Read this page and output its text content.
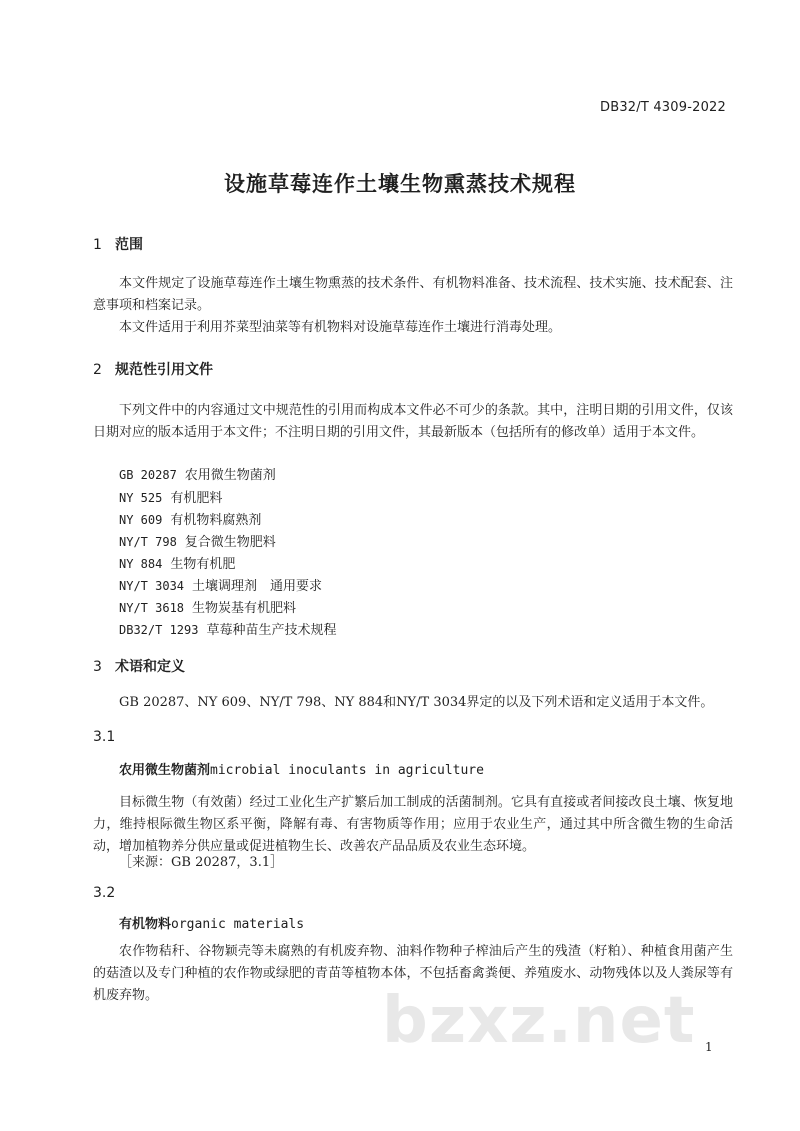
DB32/T 4309-2022
设施草莓连作土壤生物熏蒸技术规程
1 范围
本文件规定了设施草莓连作土壤生物熏蒸的技术条件、有机物料准备、技术流程、技术实施、技术配套、注意事项和档案记录。
本文件适用于利用芥菜型油菜等有机物料对设施草莓连作土壤进行消毒处理。
2 规范性引用文件
下列文件中的内容通过文中规范性的引用而构成本文件必不可少的条款。其中，注明日期的引用文件，仅该日期对应的版本适用于本文件；不注明日期的引用文件，其最新版本（包括所有的修改单）适用于本文件。
GB 20287 农用微生物菌剂
NY 525 有机肥料
NY 609 有机物料腐熟剂
NY/T 798 复合微生物肥料
NY 884 生物有机肥
NY/T 3034 土壤调理剂　通用要求
NY/T 3618 生物炭基有机肥料
DB32/T 1293 草莓种苗生产技术规程
3 术语和定义
GB 20287、NY 609、NY/T 798、NY 884和NY/T 3034界定的以及下列术语和定义适用于本文件。
3.1
农用微生物菌剂microbial inoculants in agriculture
目标微生物（有效菌）经过工业化生产扩繁后加工制成的活菌制剂。它具有直接或者间接改良土壤、恢复地力，维持根际微生物区系平衡，降解有毒、有害物质等作用；应用于农业生产，通过其中所含微生物的生命活动，增加植物养分供应量或促进植物生长、改善农产品品质及农业生态环境。
［来源：GB 20287，3.1］
3.2
有机物料organic materials
农作物秸秆、谷物颖壳等未腐熟的有机废弃物、油料作物种子榨油后产生的残渣（籽粕）、种植食用菌产生的菇渣以及专门种植的农作物或绿肥的青苗等植物本体，不包括畜禽粪便、养殖废水、动物残体以及人粪尿等有机废弃物。	bzxz.net 1
